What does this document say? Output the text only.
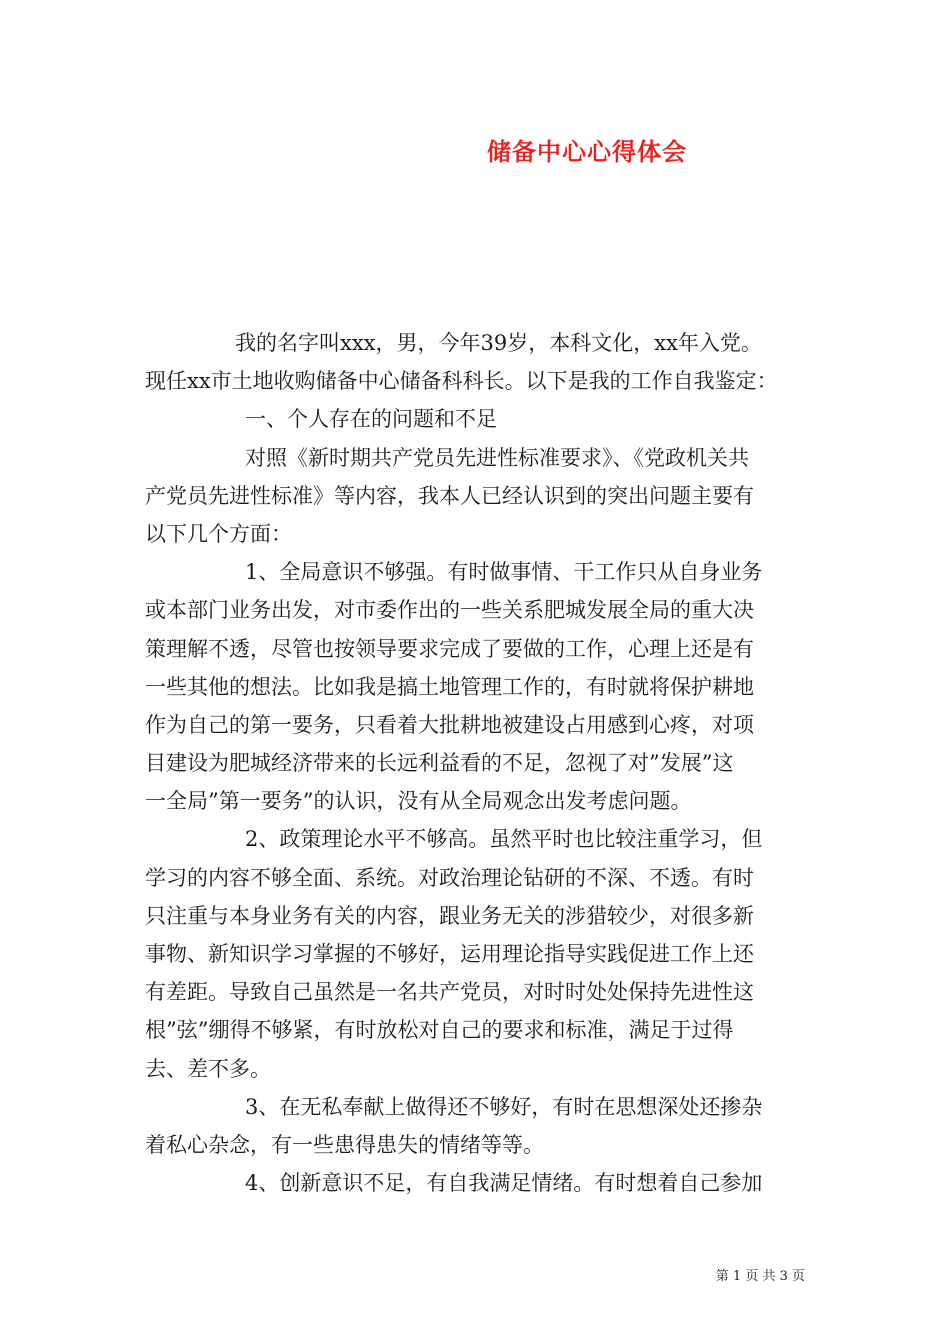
储备中心心得体会
我的名字叫xxx，男，今年39岁，本科文化，xx年入党。
现任xx市土地收购储备中心储备科科长。以下是我的工作自我鉴定：
一、个人存在的问题和不足
对照《新时期共产党员先进性标准要求》、《党政机关共
产党员先进性标准》等内容，我本人已经认识到的突出问题主要有
以下几个方面：
1、全局意识不够强。有时做事情、干工作只从自身业务
或本部门业务出发，对市委作出的一些关系肥城发展全局的重大决
策理解不透，尽管也按领导要求完成了要做的工作，心理上还是有
一些其他的想法。比如我是搞土地管理工作的，有时就将保护耕地
作为自己的第一要务，只看着大批耕地被建设占用感到心疼，对项
目建设为肥城经济带来的长远利益看的不足，忽视了对”发展”这
一全局”第一要务”的认识，没有从全局观念出发考虑问题。
2、政策理论水平不够高。虽然平时也比较注重学习，但
学习的内容不够全面、系统。对政治理论钻研的不深、不透。有时
只注重与本身业务有关的内容，跟业务无关的涉猎较少，对很多新
事物、新知识学习掌握的不够好，运用理论指导实践促进工作上还
有差距。导致自己虽然是一名共产党员，对时时处处保持先进性这
根”弦”绷得不够紧，有时放松对自己的要求和标准，满足于过得
去、差不多。
3、在无私奉献上做得还不够好，有时在思想深处还掺杂
着私心杂念，有一些患得患失的情绪等等。
4、创新意识不足，有自我满足情绪。有时想着自己参加
第 1 页 共 3 页
